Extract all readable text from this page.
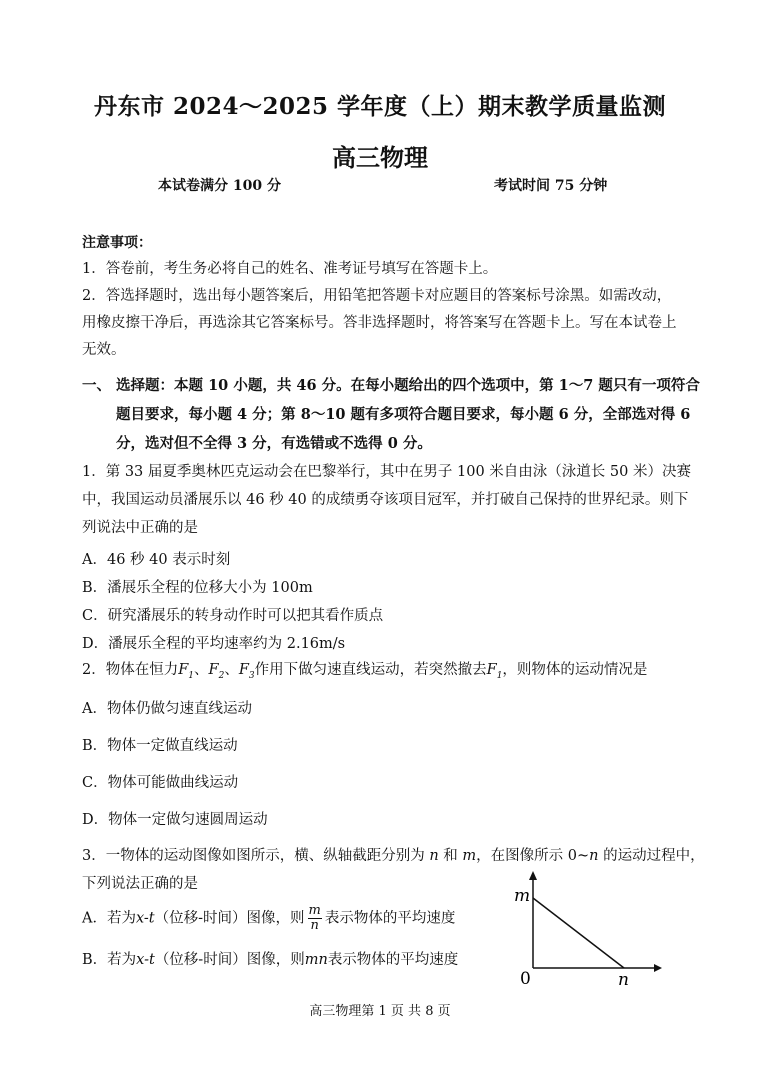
丹东市 2024～2025 学年度（上）期末教学质量监测
高三物理
本试卷满分 100 分	考试时间 75 分钟
注意事项：
1．答卷前，考生务必将自己的姓名、准考证号填写在答题卡上。
2．答选择题时，选出每小题答案后，用铅笔把答题卡对应题目的答案标号涂黑。如需改动，
用橡皮擦干净后，再选涂其它答案标号。答非选择题时，将答案写在答题卡上。写在本试卷上
无效。
一、 选择题：本题 10 小题，共 46 分。在每小题给出的四个选项中，第 1～7 题只有一项符合
题目要求，每小题 4 分；第 8～10 题有多项符合题目要求，每小题 6 分，全部选对得 6
分，选对但不全得 3 分，有选错或不选得 0 分。
1．第 33 届夏季奥林匹克运动会在巴黎举行，其中在男子 100 米自由泳（泳道长 50 米）决赛
中，我国运动员潘展乐以 46 秒 40 的成绩勇夺该项目冠军，并打破自己保持的世界纪录。则下
列说法中正确的是
A．46 秒 40 表示时刻
B．潘展乐全程的位移大小为 100m
C．研究潘展乐的转身动作时可以把其看作质点
D．潘展乐全程的平均速率约为 2.16m/s
2．物体在恒力$F_1$、$F_2$、$F_3$作用下做匀速直线运动，若突然撤去$F_1$，则物体的运动情况是
A．物体仍做匀速直线运动
B．物体一定做直线运动
C．物体可能做曲线运动
D．物体一定做匀速圆周运动
3．一物体的运动图像如图所示，横、纵轴截距分别为 n 和 m，在图像所示 0~n 的运动过程中，
下列说法正确的是
A．若为x-t（位移-时间）图像，则 $\frac{m}{n}$ 表示物体的平均速度
B．若为x-t（位移-时间）图像，则mn表示物体的平均速度
m
n
0
高三物理第 1 页 共 8 页
